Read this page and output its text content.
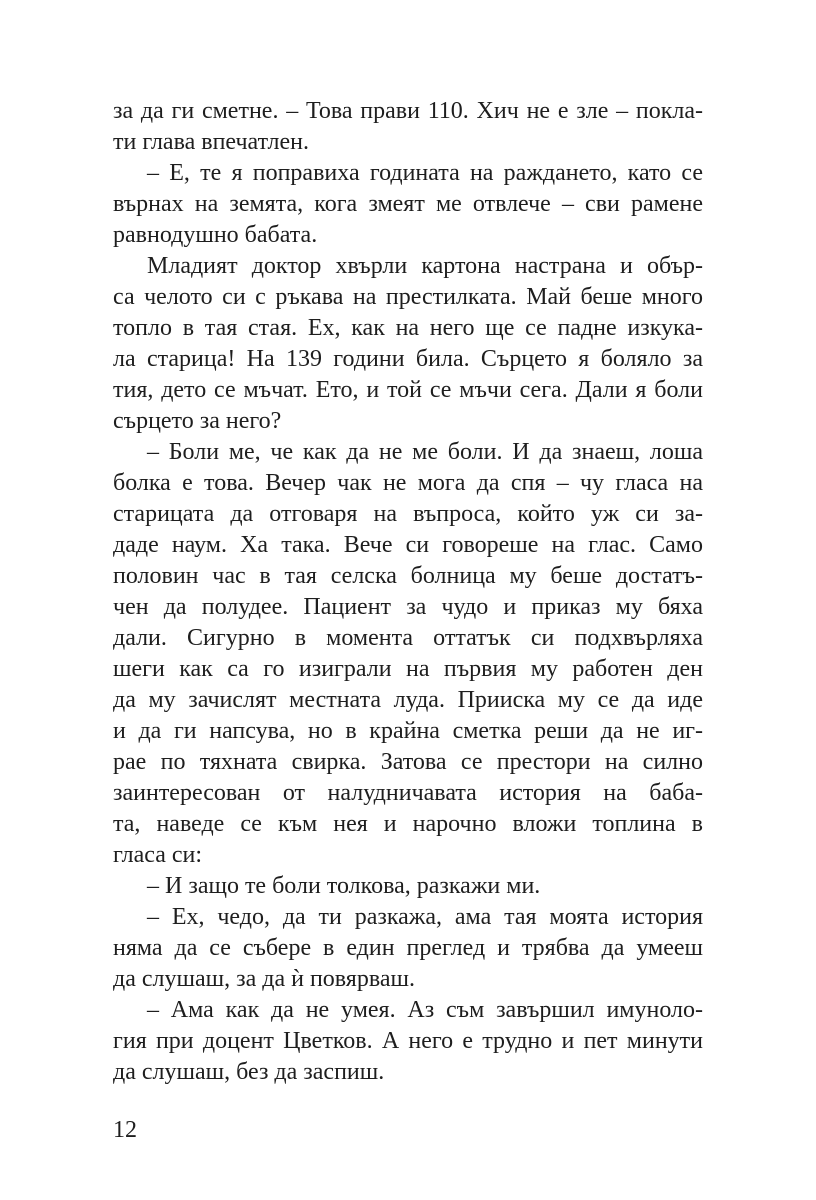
за да ги сметне. – Това прави 110. Хич не е зле – покла-
ти глава впечатлен.
– Е, те я поправиха годината на раждането, като се
върнах на земята, кога змеят ме отвлече – сви рамене
равнодушно бабата.
Младият доктор хвърли картона настрана и обър-
са челото си с ръкава на престилката. Май беше много
топло в тая стая. Ех, как на него ще се падне изкука-
ла старица! На 139 години била. Сърцето я боляло за
тия, дето се мъчат. Ето, и той се мъчи сега. Дали я боли
сърцето за него?
– Боли ме, че как да не ме боли. И да знаеш, лоша
болка е това. Вечер чак не мога да спя – чу гласа на
старицата да отговаря на въпроса, който уж си за-
даде наум. Ха така. Вече си говореше на глас. Само
половин час в тая селска болница му беше достатъ-
чен да полудее. Пациент за чудо и приказ му бяха
дали. Сигурно в момента оттатък си подхвърляха
шеги как са го изиграли на първия му работен ден
да му зачислят местната луда. Прииска му се да иде
и да ги напсува, но в крайна сметка реши да не иг-
рае по тяхната свирка. Затова се престори на силно
заинтересован от налудничавата история на баба-
та, наведе се към нея и нарочно вложи топлина в
гласа си:
– И защо те боли толкова, разкажи ми.
– Ех, чедо, да ти разкажа, ама тая моята история
няма да се събере в един преглед и трябва да умееш
да слушаш, за да ѝ повярваш.
– Ама как да не умея. Аз съм завършил имуноло-
гия при доцент Цветков. А него е трудно и пет минути
да слушаш, без да заспиш.
12
